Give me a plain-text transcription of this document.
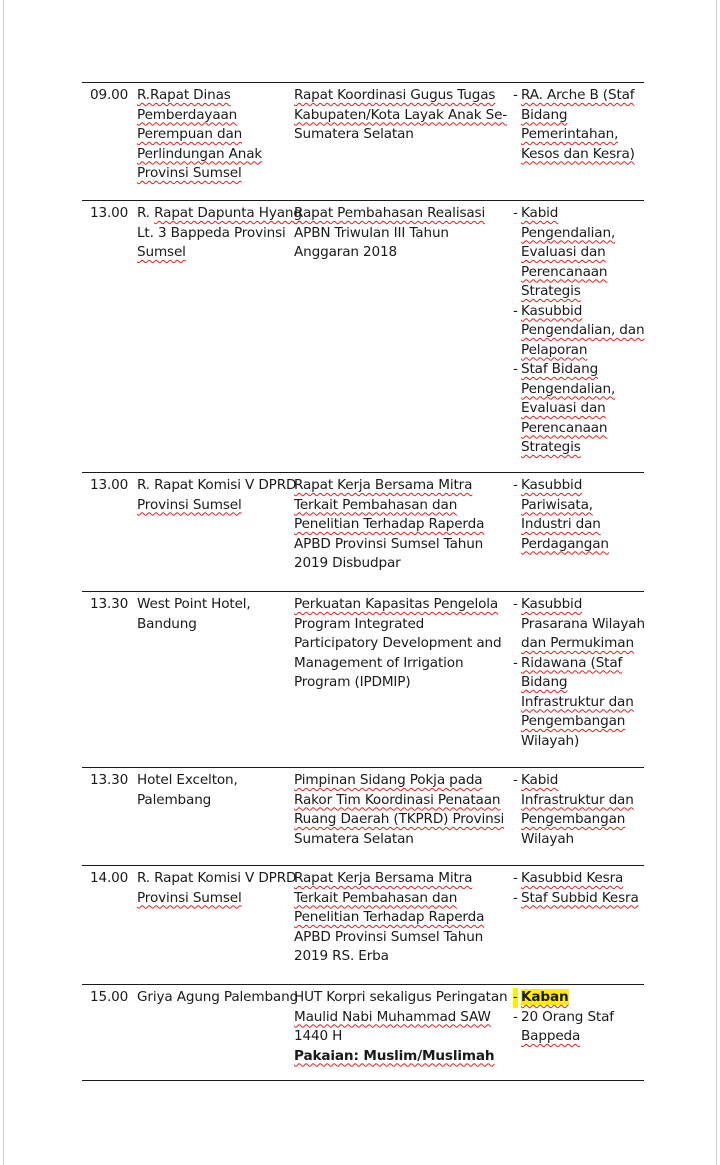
09.00 R.Rapat Dinas
Pemberdayaan
Perempuan dan
Perlindungan Anak
Provinsi Sumsel
Rapat Koordinasi Gugus Tugas
Kabupaten/Kota Layak Anak Se-
Sumatera Selatan
- RA. Arche B (Staf
Bidang
Pemerintahan,
Kesos dan Kesra)
13.00 R. Rapat Dapunta Hyang
Lt. 3 Bappeda Provinsi
Sumsel
Rapat Pembahasan Realisasi
APBN Triwulan III Tahun
Anggaran 2018
- Kabid
Pengendalian,
Evaluasi dan
Perencanaan
Strategis
- Kasubbid
Pengendalian, dan
Pelaporan
- Staf Bidang
Pengendalian,
Evaluasi dan
Perencanaan
Strategis
13.00 R. Rapat Komisi V DPRD
Provinsi Sumsel
Rapat Kerja Bersama Mitra
Terkait Pembahasan dan
Penelitian Terhadap Raperda
APBD Provinsi Sumsel Tahun
2019 Disbudpar
- Kasubbid
Pariwisata,
Industri dan
Perdagangan
13.30 West Point Hotel,
Bandung
Perkuatan Kapasitas Pengelola
Program Integrated
Participatory Development and
Management of Irrigation
Program (IPDMIP)
- Kasubbid
Prasarana Wilayah
dan Permukiman
- Ridawana (Staf
Bidang
Infrastruktur dan
Pengembangan
Wilayah)
13.30 Hotel Excelton,
Palembang
Pimpinan Sidang Pokja pada
Rakor Tim Koordinasi Penataan
Ruang Daerah (TKPRD) Provinsi
Sumatera Selatan
- Kabid
Infrastruktur dan
Pengembangan
Wilayah
14.00 R. Rapat Komisi V DPRD
Provinsi Sumsel
Rapat Kerja Bersama Mitra
Terkait Pembahasan dan
Penelitian Terhadap Raperda
APBD Provinsi Sumsel Tahun
2019 RS. Erba
- Kasubbid Kesra
- Staf Subbid Kesra
15.00 Griya Agung Palembang
HUT Korpri sekaligus Peringatan
Maulid Nabi Muhammad SAW
1440 H
Pakaian: Muslim/Muslimah
- Kaban
- 20 Orang Staf
Bappeda
